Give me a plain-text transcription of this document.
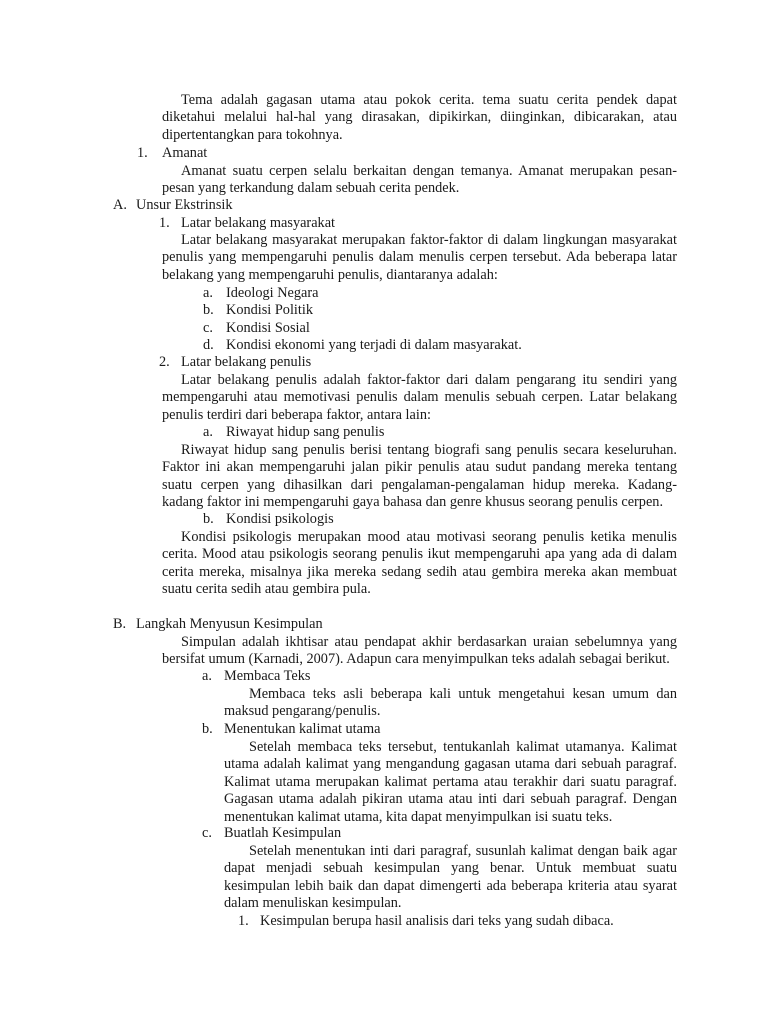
Tema adalah gagasan utama atau pokok cerita. tema suatu cerita pendek dapat diketahui melalui hal-hal yang dirasakan, dipikirkan, diinginkan, dibicarakan, atau dipertentangkan para tokohnya.

1. Amanat

Amanat suatu cerpen selalu berkaitan dengan temanya. Amanat merupakan pesan-pesan yang terkandung dalam sebuah cerita pendek.

A. Unsur Ekstrinsik
1. Latar belakang masyarakat

Latar belakang masyarakat merupakan faktor-faktor di dalam lingkungan masyarakat penulis yang mempengaruhi penulis dalam menulis cerpen tersebut. Ada beberapa latar belakang yang mempengaruhi penulis, diantaranya adalah:

a. Ideologi Negara
b. Kondisi Politik
c. Kondisi Sosial
d. Kondisi ekonomi yang terjadi di dalam masyarakat.
2. Latar belakang penulis

Latar belakang penulis adalah faktor-faktor dari dalam pengarang itu sendiri yang mempengaruhi atau memotivasi penulis dalam menulis sebuah cerpen. Latar belakang penulis terdiri dari beberapa faktor, antara lain:

a. Riwayat hidup sang penulis

Riwayat hidup sang penulis berisi tentang biografi sang penulis secara keseluruhan. Faktor ini akan mempengaruhi jalan pikir penulis atau sudut pandang mereka tentang suatu cerpen yang dihasilkan dari pengalaman-pengalaman hidup mereka. Kadang-kadang faktor ini mempengaruhi gaya bahasa dan genre khusus seorang penulis cerpen.

b. Kondisi psikologis

Kondisi psikologis merupakan mood atau motivasi seorang penulis ketika menulis cerita. Mood atau psikologis seorang penulis ikut mempengaruhi apa yang ada di dalam cerita mereka, misalnya jika mereka sedang sedih atau gembira mereka akan membuat suatu cerita sedih atau gembira pula.

B. Langkah Menyusun Kesimpulan

Simpulan adalah ikhtisar atau pendapat akhir berdasarkan uraian sebelumnya yang bersifat umum (Karnadi, 2007). Adapun cara menyimpulkan teks adalah sebagai berikut.

a. Membaca Teks

Membaca teks asli beberapa kali untuk mengetahui kesan umum dan maksud pengarang/penulis.

b. Menentukan kalimat utama

Setelah membaca teks tersebut, tentukanlah kalimat utamanya. Kalimat utama adalah kalimat yang mengandung gagasan utama dari sebuah paragraf. Kalimat utama merupakan kalimat pertama atau terakhir dari suatu paragraf. Gagasan utama adalah pikiran utama atau inti dari sebuah paragraf. Dengan menentukan kalimat utama, kita dapat menyimpulkan isi suatu teks.

c. Buatlah Kesimpulan

Setelah menentukan inti dari paragraf, susunlah kalimat dengan baik agar dapat menjadi sebuah kesimpulan yang benar. Untuk membuat suatu kesimpulan lebih baik dan dapat dimengerti ada beberapa kriteria atau syarat dalam menuliskan kesimpulan.

1. Kesimpulan berupa hasil analisis dari teks yang sudah dibaca.
